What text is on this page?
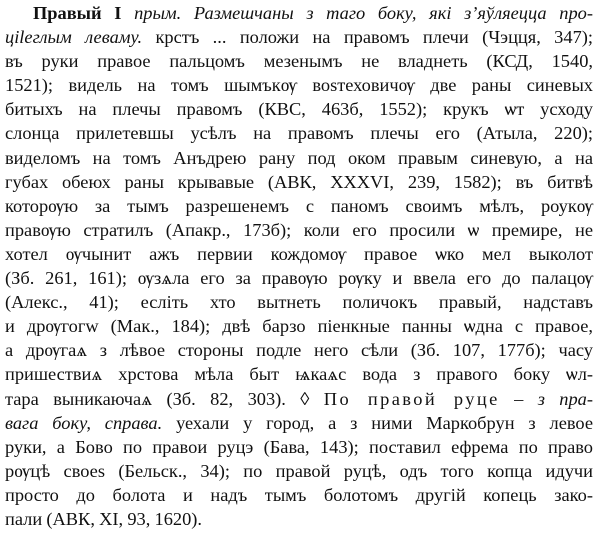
Правый I прым. Размешчаны з таго боку, які з’яўляецца про-
ціleглым леваму. крстъ ... положи на правомъ плечи (Чэцця, 347);
въ руки правое пальцомъ мезенымъ не владнеть (КСД, 1540,
1521); видель на томъ шымъкѹ воѕтеховичѹ две раны синевых
битыхъ на плечы правомъ (КВС, 463б, 1552); крукъ ѡт усходу
слонца прилетевшы усѣлъ на правомъ плечы его (Атыла, 220);
виделомъ на томъ Анъдрею рану под оком правым синевую, а на
губах обеюх раны крывавые (АВК, XXXVI, 239, 1582); въ битвѣ
которѹю за тымъ разрешенемъ с паномъ своимъ мѣлъ, роукѹ
правѹю стратилъ (Апакр., 173б); коли его просили ѡ премире, не
хотел ѹчынит ажъ первии кождомѹ правое ѡко мел выколот
(Зб. 261, 161); ѹзѧла его за правѹю рѹку и ввела его до палацѹ
(Алекс., 41); есліть хто вытнеть поличокъ правый, надставъ
и дрѹгогw (Мак., 184); двѣ барзо піенкные панны ѡдна с правое,
а дрѹгаѧ з лѣвое стороны подле него сѣли (Зб. 107, 177б); часу
пришествиѧ хрстова мѣла быт ѩкаѧс вода з правого боку ѡл-
тара выникаючаѧ (Зб. 82, 303). ◊ По правой руце – з пра-
вага боку, справа. уехали у город, а з ними Маркобрун з левое
руки, а Бово по правои руцэ (Бава, 143); поставил ефрема по право
рѹцѣ своеѕ (Бельск., 34); по правой руцѣ, одъ того копца идучи
просто до болота и надъ тымъ болотомъ другій копець зако-
пали (АВК, XI, 93, 1620).
